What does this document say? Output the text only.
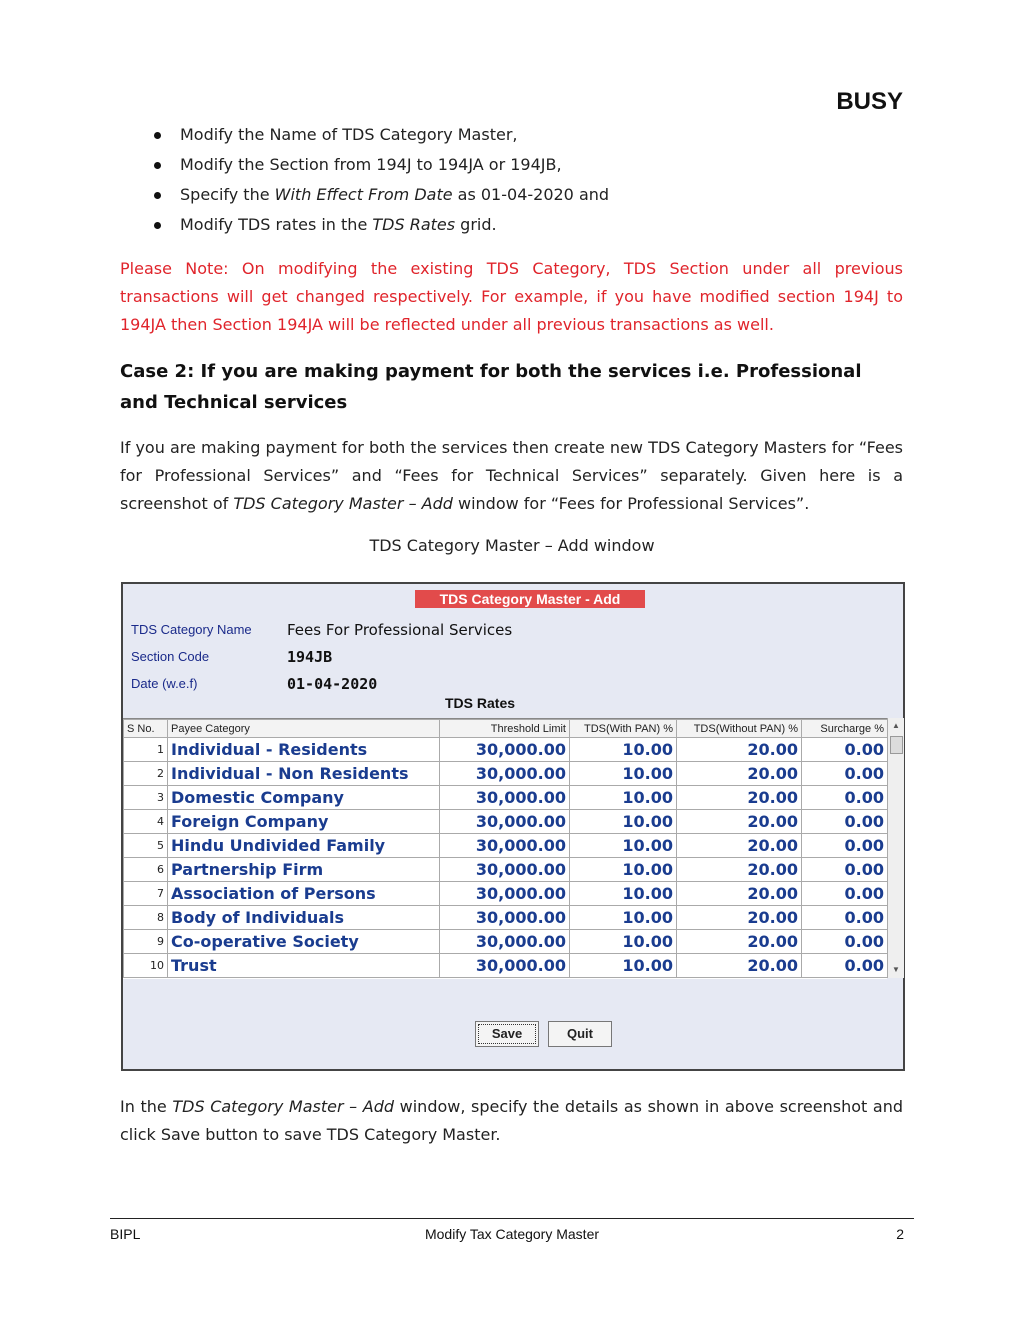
BUSY
Modify the Name of TDS Category Master,
Modify the Section from 194J to 194JA or 194JB,
Specify the With Effect From Date as 01-04-2020 and
Modify TDS rates in the TDS Rates grid.
Please Note: On modifying the existing TDS Category, TDS Section under all previous transactions will get changed respectively. For example, if you have modified section 194J to 194JA then Section 194JA will be reflected under all previous transactions as well.
Case 2: If you are making payment for both the services i.e. Professional and Technical services
If you are making payment for both the services then create new TDS Category Masters for “Fees for Professional Services” and “Fees for Technical Services” separately. Given here is a screenshot of TDS Category Master – Add window for “Fees for Professional Services”.
TDS Category Master – Add window
TDS Category Master - Add
TDS Category Name Fees For Professional Services
Section Code	194JB
Date (w.e.f)	01-04-2020
TDS Rates
S No.	Payee Category	Threshold Limit	TDS(With PAN) %	TDS(Without PAN) %	Surcharge %
1	Individual - Residents	30,000.00	10.00	20.00	0.00
2	Individual - Non Residents	30,000.00	10.00	20.00	0.00
3	Domestic Company	30,000.00	10.00	20.00	0.00
4	Foreign Company	30,000.00	10.00	20.00	0.00
5	Hindu Undivided Family	30,000.00	10.00	20.00	0.00
6	Partnership Firm	30,000.00	10.00	20.00	0.00
7	Association of Persons	30,000.00	10.00	20.00	0.00
8	Body of Individuals	30,000.00	10.00	20.00	0.00
9	Co-operative Society	30,000.00	10.00	20.00	0.00
10	Trust	30,000.00	10.00	20.00	0.00
▲
▼
Save	Quit
In the TDS Category Master – Add window, specify the details as shown in above screenshot and click Save button to save TDS Category Master.
BIPL	Modify Tax Category Master	2
